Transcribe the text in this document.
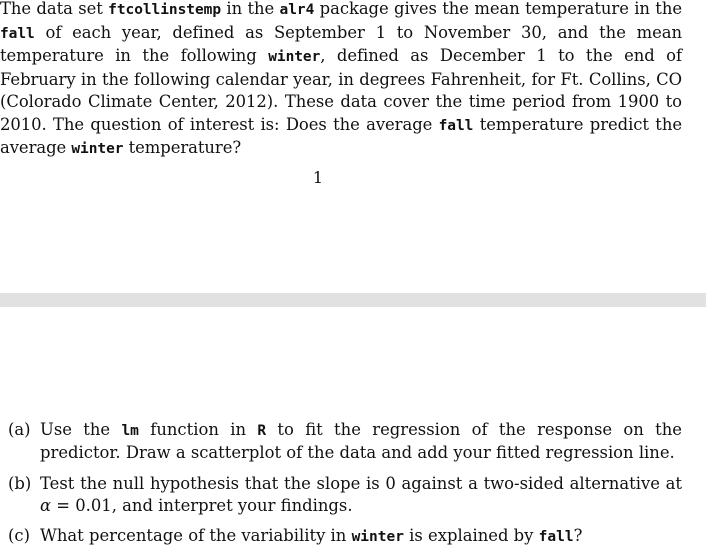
The data set ftcollinstemp in the alr4 package gives the mean temperature in the fall of each year, defined as September 1 to November 30, and the mean temperature in the following winter, defined as December 1 to the end of February in the following calendar year, in degrees Fahrenheit, for Ft. Collins, CO (Colorado Climate Center, 2012). These data cover the time period from 1900 to 2010. The question of interest is: Does the average fall temperature predict the average winter temperature?
1
(a) Use the lm function in R to fit the regression of the response on the predictor. Draw a scatterplot of the data and add your fitted regression line.
(b) Test the null hypothesis that the slope is 0 against a two-sided alternative at α = 0.01, and interpret your findings.
(c) What percentage of the variability in winter is explained by fall?
